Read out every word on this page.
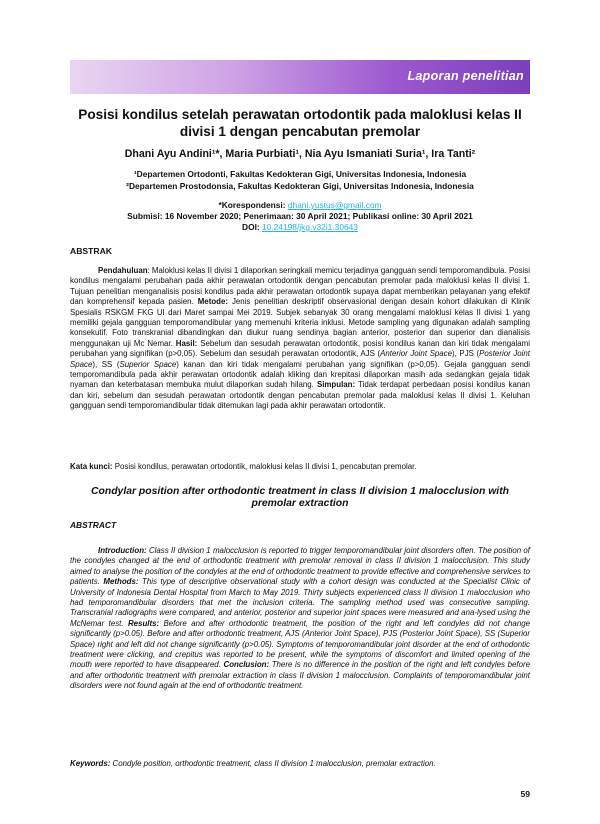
Laporan penelitian
Posisi kondilus setelah perawatan ortodontik pada maloklusi kelas II divisi 1 dengan pencabutan premolar
Dhani Ayu Andini¹*, Maria Purbiati¹, Nia Ayu Ismaniati Suria¹, Ira Tanti²
¹Departemen Ortodonti, Fakultas Kedokteran Gigi, Universitas Indonesia, Indonesia
²Departemen Prostodonsia, Fakultas Kedokteran Gigi, Universitas Indonesia, Indonesia
*Korespondensi: dhani.yustus@gmail.com
Submisi: 16 November 2020; Penerimaan: 30 April 2021; Publikasi online: 30 April 2021
DOI: 10.24198/jkg.v32i1.30643
ABSTRAK
Pendahuluan: Maloklusi kelas II divisi 1 dilaporkan seringkali memicu terjadinya gangguan sendi temporomandibula. Posisi kondilus mengalami perubahan pada akhir perawatan ortodontik dengan pencabutan premolar pada maloklusi kelas II divisi 1. Tujuan penelitian menganalisis posisi kondilus pada akhir perawatan ortodontik supaya dapat memberikan pelayanan yang efektif dan komprehensif kepada pasien. Metode: Jenis penelitian deskriptif observasional dengan desain kohort dilakukan di Klinik Spesialis RSKGM FKG UI dari Maret sampai Mei 2019. Subjek sebanyak 30 orang mengalami maloklusi kelas II divisi 1 yang memiliki gejala gangguan temporomandibular yang memenuhi kriteria inklusi. Metode sampling yang digunakan adalah sampling konsekutif. Foto transkranial dibandingkan dan diukur ruang sendinya bagian anterior, posterior dan superior dan dianalisis menggunakan uji Mc Nemar. Hasil: Sebelum dan sesudah perawatan ortodontik, posisi kondilus kanan dan kiri tidak mengalami perubahan yang signifikan (p>0,05). Sebelum dan sesudah perawatan ortodontik, AJS (Anterior Joint Space), PJS (Posterior Joint Space), SS (Superior Space) kanan dan kiri tidak mengalami perubahan yang signifikan (p>0,05). Gejala gangguan sendi temporomandibula pada akhir perawatan ortodontik adalah kliking dan krepitasi dilaporkan masih ada sedangkan gejala tidak nyaman dan keterbatasan membuka mulut dilaporkan sudah hilang. Simpulan: Tidak terdapat perbedaan posisi kondilus kanan dan kiri, sebelum dan sesudah perawatan ortodontik dengan pencabutan premolar pada maloklusi kelas II divisi 1. Keluhan gangguan sendi temporomandibular tidak ditemukan lagi pada akhir perawatan ortodontik.
Kata kunci: Posisi kondilus, perawatan ortodontik, maloklusi kelas II divisi 1, pencabutan premolar.
Condylar position after orthodontic treatment in class II division 1 malocclusion with premolar extraction
ABSTRACT
Introduction: Class II division 1 malocclusion is reported to trigger temporomandibular joint disorders often. The position of the condyles changed at the end of orthodontic treatment with premolar removal in class II division 1 malocclusion. This study aimed to analyse the position of the condyles at the end of orthodontic treatment to provide effective and comprehensive services to patients. Methods: This type of descriptive observational study with a cohort design was conducted at the Specialist Clinic of University of Indonesia Dental Hospital from March to May 2019. Thirty subjects experienced class II division 1 malocclusion who had temporomandibular disorders that met the inclusion criteria. The sampling method used was consecutive sampling. Transcranial radiographs were compared, and anterior, posterior and superior joint spaces were measured and ana-lysed using the McNemar test. Results: Before and after orthodontic treatment, the position of the right and left condyles did not change significantly (p>0.05). Before and after orthodontic treatment, AJS (Anterior Joint Space), PJS (Posterior Joint Space), SS (Superior Space) right and left did not change significantly (p>0.05). Symptoms of temporomandibular joint disorder at the end of orthodontic treatment were clicking, and crepitus was reported to be present, while the symptoms of discomfort and limited opening of the mouth were reported to have disappeared. Conclusion: There is no difference in the position of the right and left condyles before and after orthodontic treatment with premolar extraction in class II division 1 malocclusion. Complaints of temporomandibular joint disorders were not found again at the end of orthodontic treatment.
Keywords: Condyle position, orthodontic treatment, class II division 1 malocclusion, premolar extraction.
59
